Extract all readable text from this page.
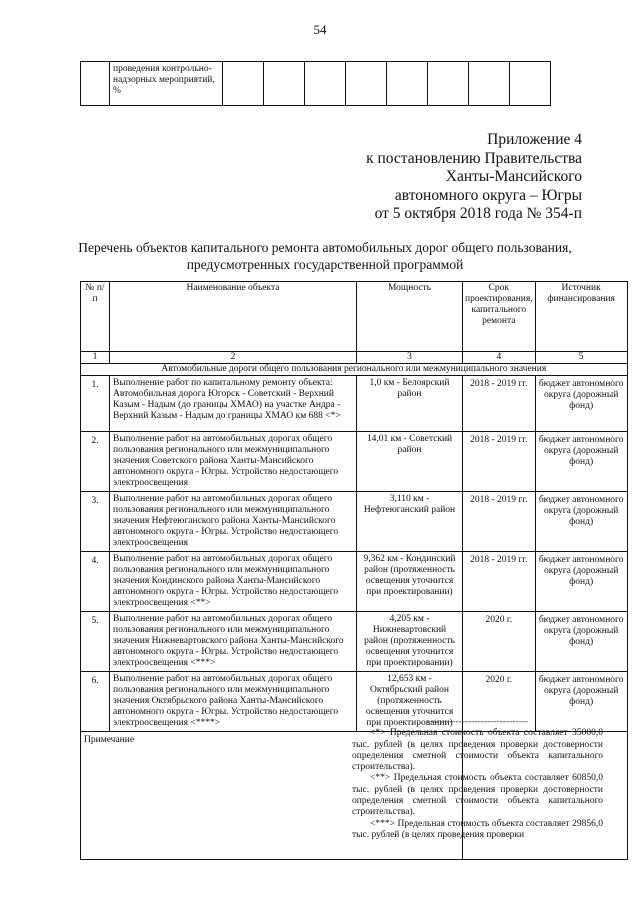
54
	проведения контрольно-надзорных мероприятий, %								
Приложение 4
к постановлению Правительства
Ханты-Мансийского
автономного округа – Югры
от 5 октября 2018 года № 354-п
Перечень объектов капитального ремонта автомобильных дорог общего пользования,
предусмотренных государственной программой
№ п/п	Наименование объекта	Мощность	Срок проектирования, капитального ремонта	Источник финансирования
1	2	3	4	5
Автомобильные дороги общего пользования регионального или межмуниципального значения				
1.	Выполнение работ по капитальному ремонту объекта: Автомобильная дорога Югорск - Советский - Верхний Казым - Надым (до границы ХМАО) на участке Андра - Верхний Казым - Надым до границы ХМАО км 688 <*>	1,0 км - Белоярский район	2018 - 2019 гг.	бюджет автономного округа (дорожный фонд)
2.	Выполнение работ на автомобильных дорогах общего пользования регионального или межмуниципального значения Советского района Ханты-Мансийского автономного округа - Югры. Устройство недостающего электроосвещения	14,01 км - Советский район	2018 - 2019 гг.	бюджет автономного округа (дорожный фонд)
3.	Выполнение работ на автомобильных дорогах общего пользования регионального или межмуниципального значения Нефтеюганского района Ханты-Мансийского автономного округа - Югры. Устройство недостающего электроосвещения	3,110 км - Нефтеюганский район	2018 - 2019 гг.	бюджет автономного округа (дорожный фонд)
4.	Выполнение работ на автомобильных дорогах общего пользования регионального или межмуниципального значения Кондинского района Ханты-Мансийского автономного округа - Югры. Устройство недостающего электроосвещения <**>	9,362 км - Кондинский район (протяженность освещения уточнится при проектировании)	2018 - 2019 гг.	бюджет автономного округа (дорожный фонд)
5.	Выполнение работ на автомобильных дорогах общего пользования регионального или межмуниципального значения Нижневартовского района Ханты-Мансийского автономного округа - Югры. Устройство недостающего электроосвещения <***>	4,205 км - Нижневартовский район (протяженность освещения уточнится при проектировании)	2020 г.	бюджет автономного округа (дорожный фонд)
6.	Выполнение работ на автомобильных дорогах общего пользования регионального или межмуниципального значения Октябрьского района Ханты-Мансийского автономного округа - Югры. Устройство недостающего электроосвещения <****>	12,653 км - Октябрьский район (протяженность освещения уточнится при проектировании)	2020 г.	бюджет автономного округа (дорожный фонд)
Примечание				
--------------------------------

<*> Предельная стоимость объекта составляет 35000,0 тыс. рублей (в целях проведения проверки достоверности определения сметной стоимости объекта капитального строительства).

<**> Предельная стоимость объекта составляет 60850,0 тыс. рублей (в целях проведения проверки достоверности определения сметной стоимости объекта капитального строительства).

<***> Предельная стоимость объекта составляет 29856,0 тыс. рублей (в целях проведения проверки
